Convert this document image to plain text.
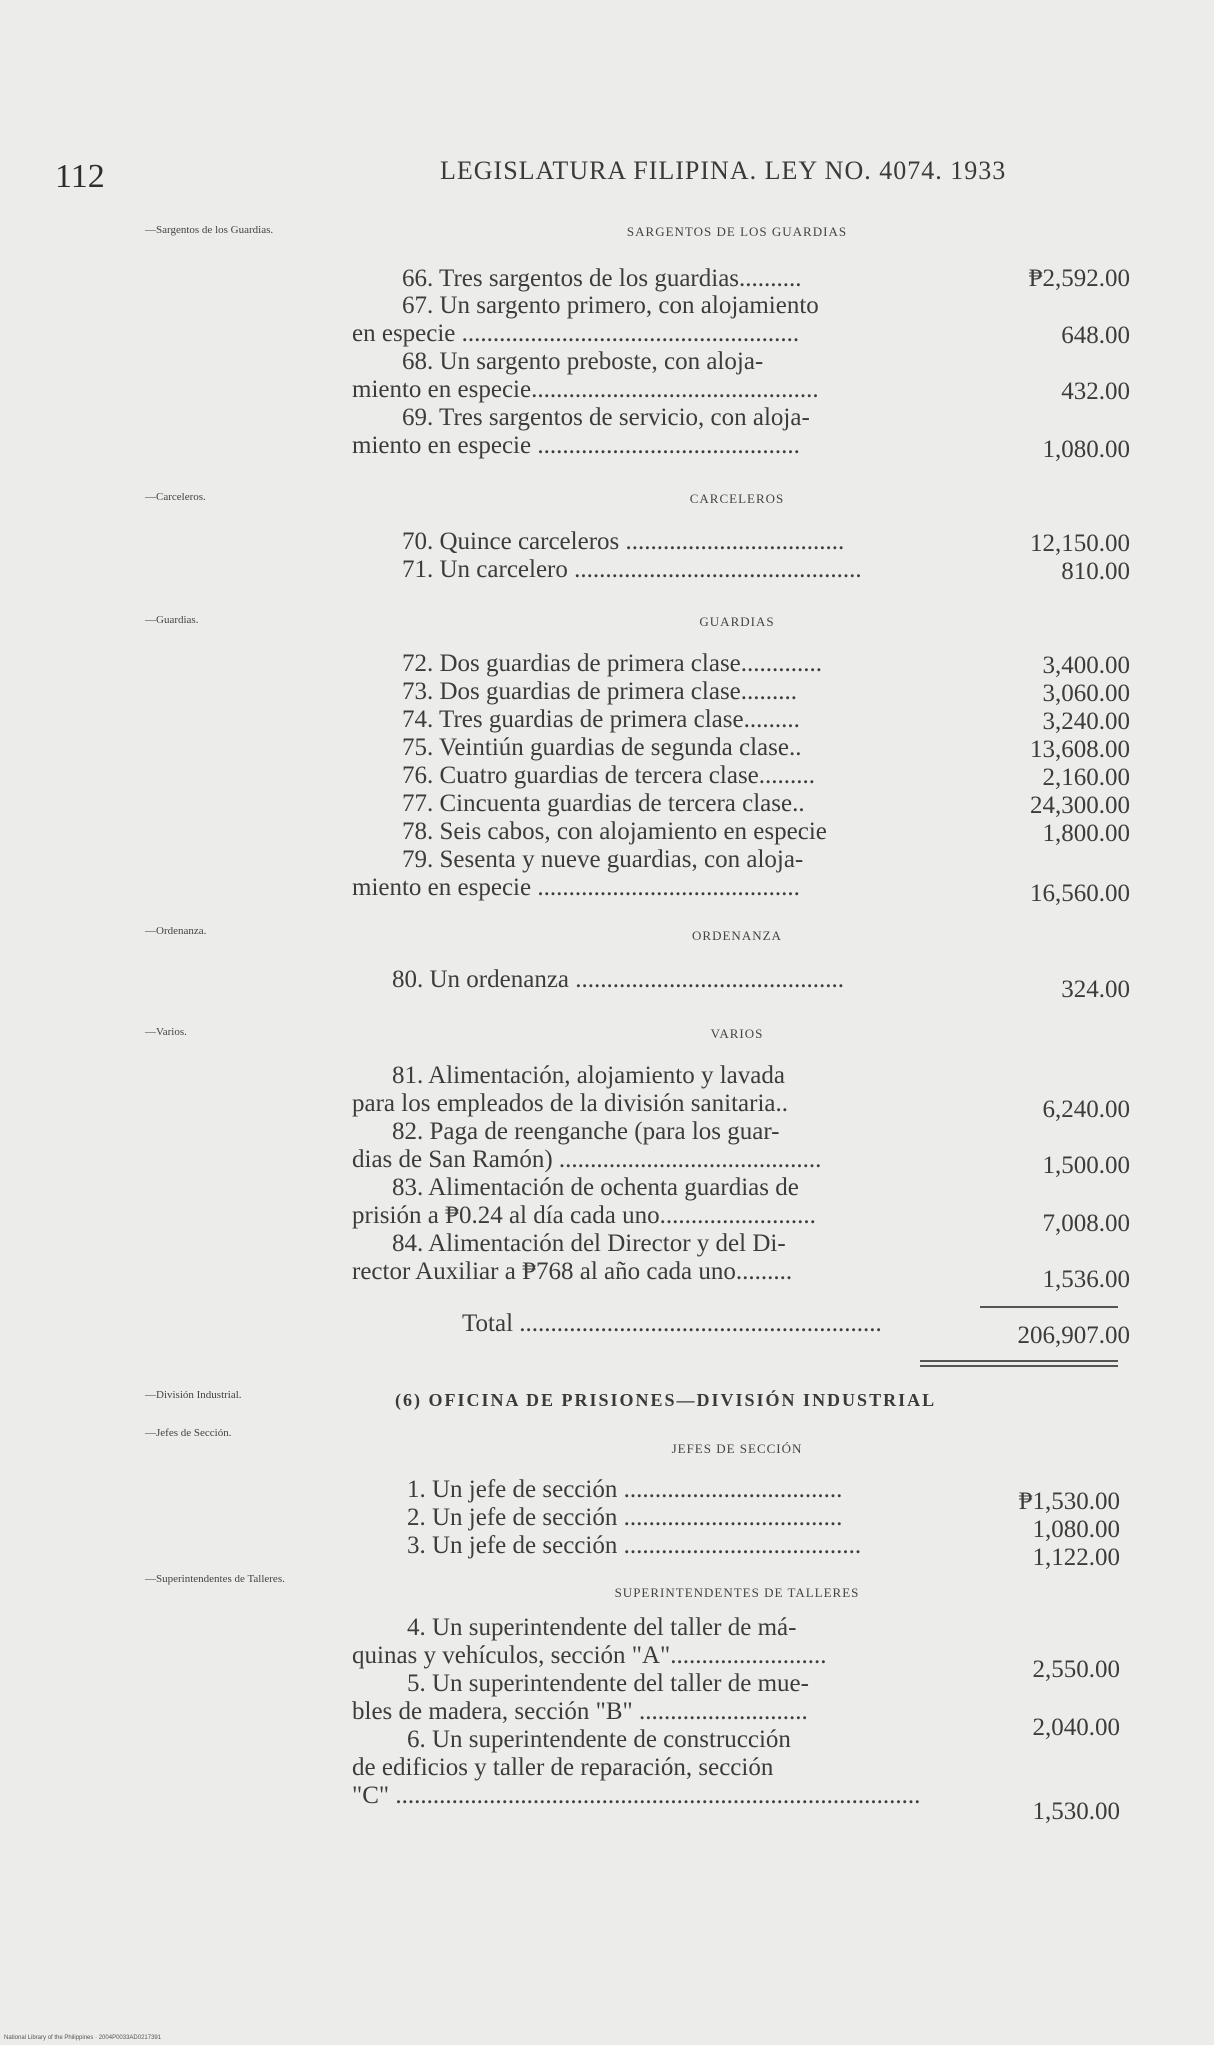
112	LEGISLATURA FILIPINA. LEY NO. 4074. 1933
—Sargentos de los Guardias.
—Carceleros.
—Guardias.
—Ordenanza.
—Varios.
—División Industrial.
—Jefes de Sección.
—Superintendentes de Talleres.
SARGENTOS DE LOS GUARDIAS
66. Tres sargentos de los guardias..........	₱2,592.00
67. Un sargento primero, con alojamiento
en especie ......................................................	648.00
68. Un sargento preboste, con aloja-
miento en especie..............................................	432.00
69. Tres sargentos de servicio, con aloja-
miento en especie ..........................................	1,080.00
CARCELEROS
70. Quince carceleros ...................................	12,150.00
71. Un carcelero ..............................................	810.00
GUARDIAS
72. Dos guardias de primera clase.............	3,400.00
73. Dos guardias de primera clase.........	3,060.00
74. Tres guardias de primera clase.........	3,240.00
75. Veintiún guardias de segunda clase..	13,608.00
76. Cuatro guardias de tercera clase.........	2,160.00
77. Cincuenta guardias de tercera clase..	24,300.00
78. Seis cabos, con alojamiento en especie	1,800.00
79. Sesenta y nueve guardias, con aloja-
miento en especie ..........................................	16,560.00
ORDENANZA
80. Un ordenanza ...........................................	324.00
VARIOS
81. Alimentación, alojamiento y lavada
para los empleados de la división sanitaria..	6,240.00
82. Paga de reenganche (para los guar-
dias de San Ramón) ..........................................	1,500.00
83. Alimentación de ochenta guardias de
prisión a ₱0.24 al día cada uno.........................	7,008.00
84. Alimentación del Director y del Di-
rector Auxiliar a ₱768 al año cada uno.........	1,536.00
Total ..........................................................	206,907.00
(6) OFICINA DE PRISIONES—DIVISIÓN INDUSTRIAL
JEFES DE SECCIÓN
1. Un jefe de sección ...................................	₱1,530.00
2. Un jefe de sección ...................................	1,080.00
3. Un jefe de sección ......................................	1,122.00
SUPERINTENDENTES DE TALLERES
4. Un superintendente del taller de má-
quinas y vehículos, sección "A".........................
2,550.00
5. Un superintendente del taller de mue-
bles de madera, sección "B" ...........................
2,040.00
6. Un superintendente de construcción
de edificios y taller de reparación, sección
"C" ....................................................................................
1,530.00
National Library of the Philippines · 2004P0033AD0217391
